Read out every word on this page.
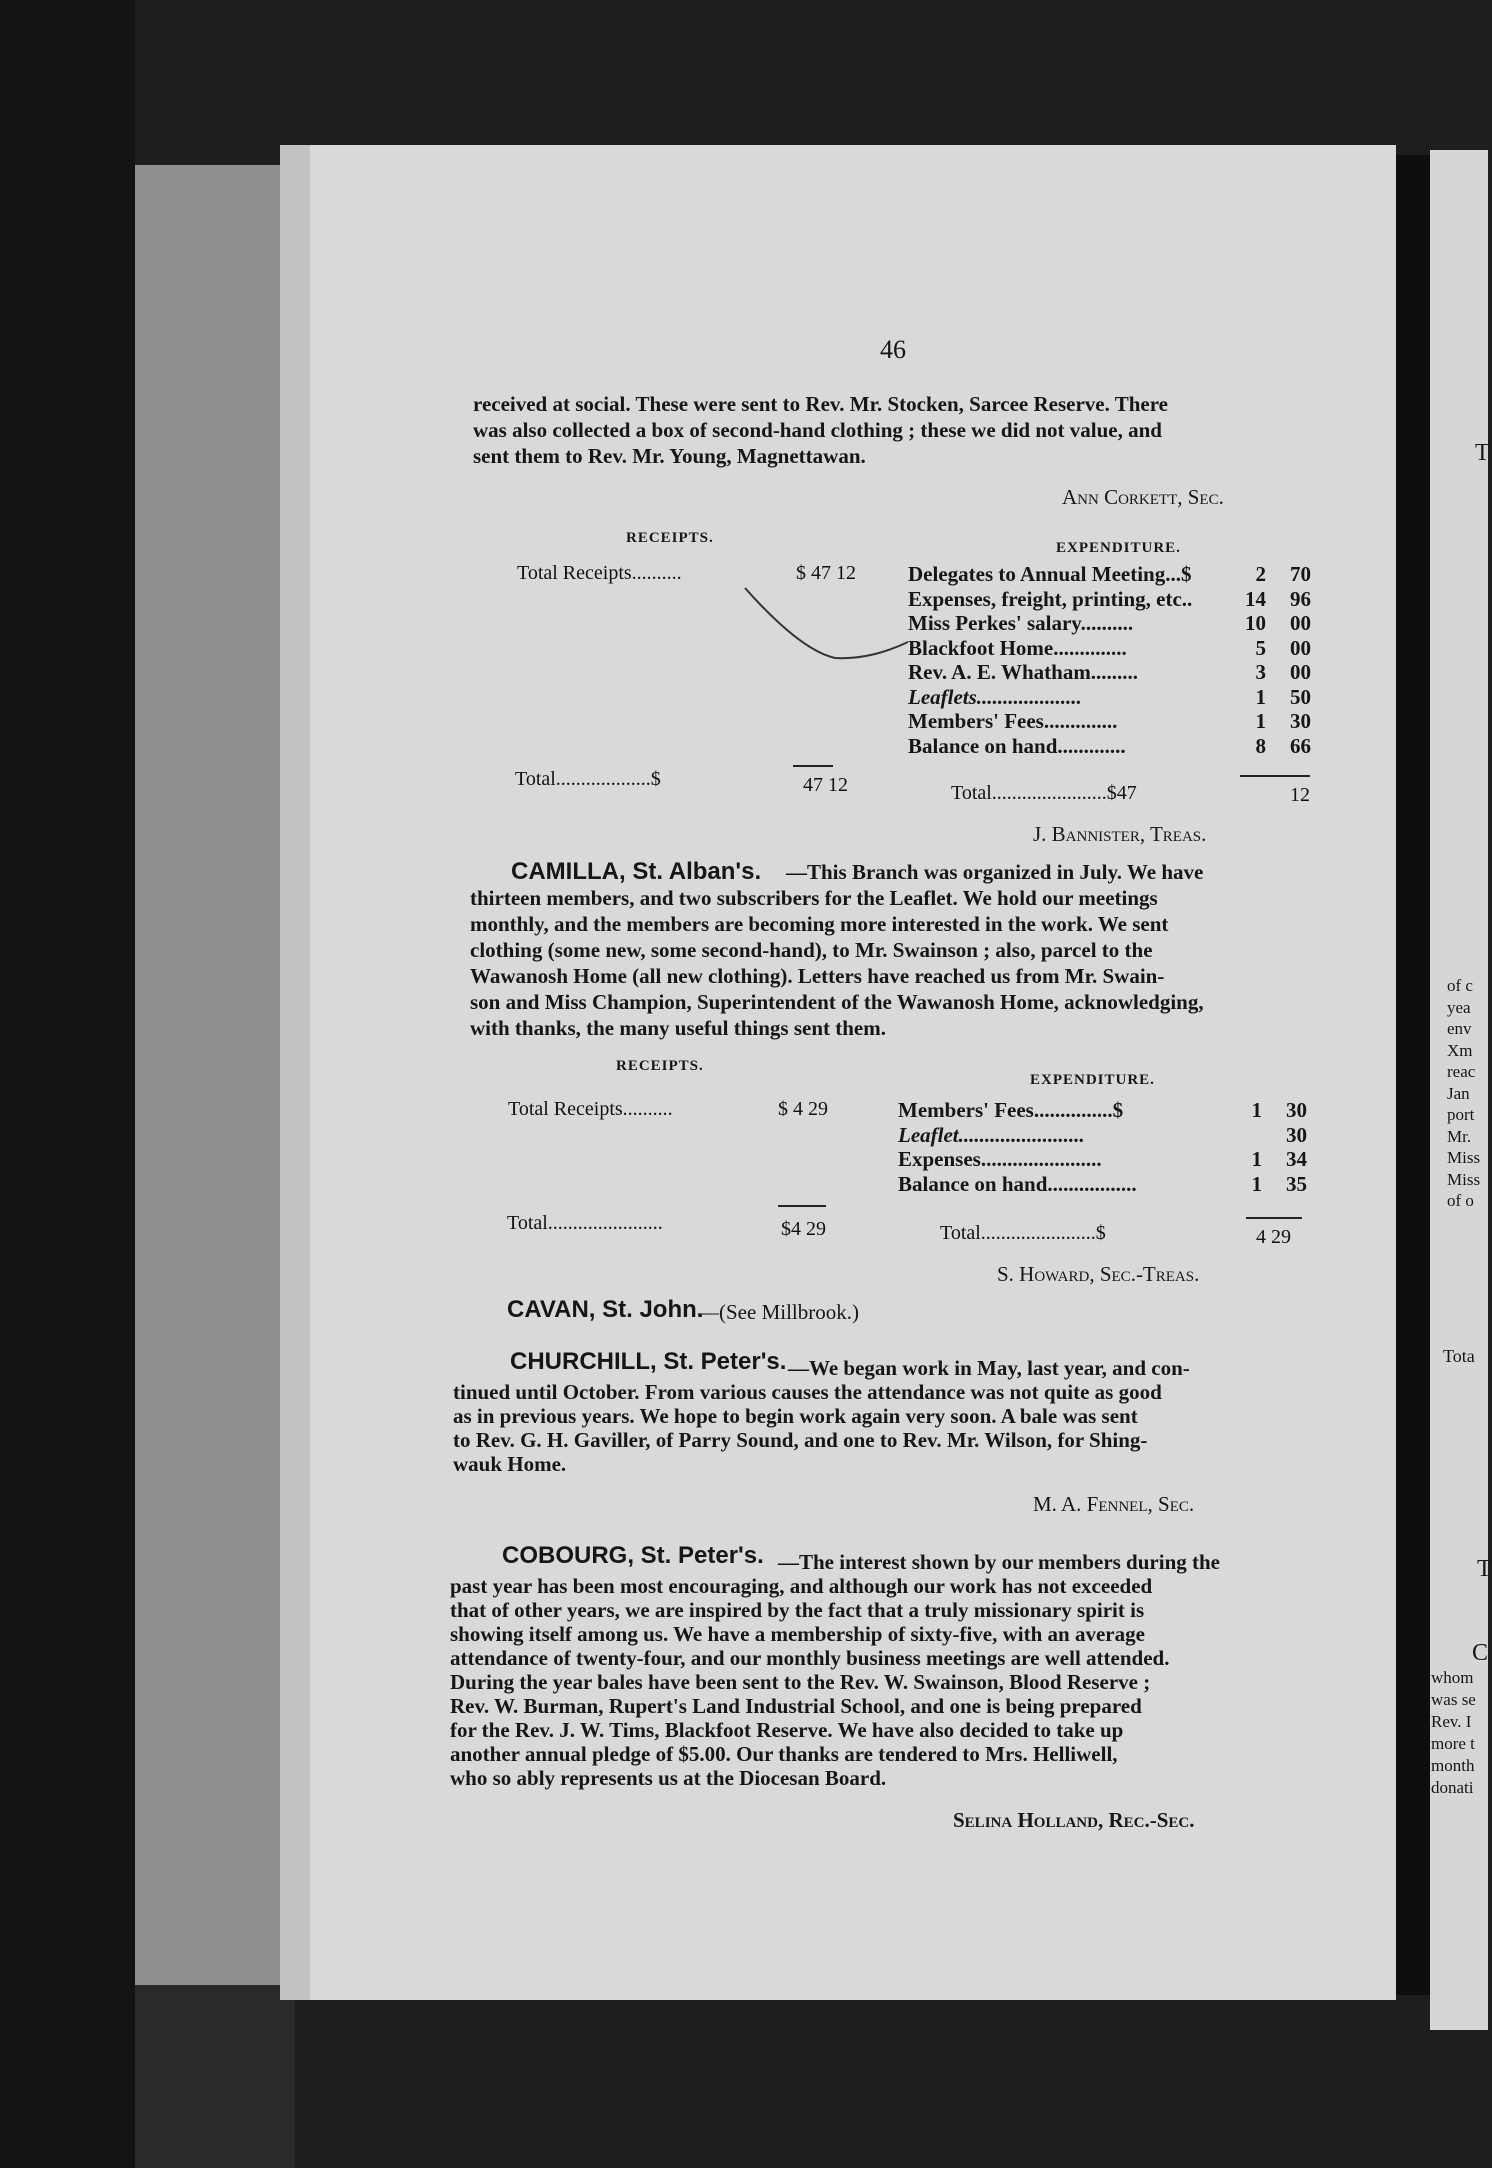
46
received at social. These were sent to Rev. Mr. Stocken, Sarcee Reserve. There
was also collected a box of second-hand clothing ; these we did not value, and
sent them to Rev. Mr. Young, Magnettawan.
Ann Corkett, Sec.
RECEIPTS.
EXPENDITURE.
Total Receipts..........	$ 47 12 Delegates to Annual Meeting...$	2 70
Expenses, freight, printing, etc..	14 96
Miss Perkes' salary..........	10 00
Blackfoot Home..............	5 00
Rev. A. E. Whatham.........	3 00
Leaflets....................	1 50
Members' Fees..............	1 30
Balance on hand.............	8 66
Total...................$	47 12	Total.......................$47	12
J. Bannister, Treas.
CAMILLA, St. Alban's. —This Branch was organized in July. We have
thirteen members, and two subscribers for the Leaflet. We hold our meetings
monthly, and the members are becoming more interested in the work. We sent
clothing (some new, some second-hand), to Mr. Swainson ; also, parcel to the
Wawanosh Home (all new clothing). Letters have reached us from Mr. Swain-
son and Miss Champion, Superintendent of the Wawanosh Home, acknowledging,
with thanks, the many useful things sent them.
RECEIPTS.
EXPENDITURE.
Total Receipts..........	$ 4 29	Members' Fees...............$	1 30
Leaflet........................	30
Expenses.......................	1 34
Balance on hand.................	1 35
Total.......................	$4 29	Total.......................$	4 29
S. Howard, Sec.-Treas.
CAVAN, St. John.
—(See Millbrook.)
CHURCHILL, St. Peter's. —We began work in May, last year, and con-
tinued until October. From various causes the attendance was not quite as good
as in previous years. We hope to begin work again very soon. A bale was sent
to Rev. G. H. Gaviller, of Parry Sound, and one to Rev. Mr. Wilson, for Shing-
wauk Home.
M. A. Fennel, Sec.
COBOURG, St. Peter's. —The interest shown by our members during the
past year has been most encouraging, and although our work has not exceeded
that of other years, we are inspired by the fact that a truly missionary spirit is
showing itself among us. We have a membership of sixty-five, with an average
attendance of twenty-four, and our monthly business meetings are well attended.
During the year bales have been sent to the Rev. W. Swainson, Blood Reserve ;
Rev. W. Burman, Rupert's Land Industrial School, and one is being prepared
for the Rev. J. W. Tims, Blackfoot Reserve. We have also decided to take up
another annual pledge of $5.00. Our thanks are tendered to Mrs. Helliwell,
who so ably represents us at the Diocesan Board.
Selina Holland, Rec.-Sec.
T
of c
yea
env
Xm
reac
Jan
port
Mr.
Miss
Miss
of o
Tota
T
C
whom
was se
Rev. I
more t
month
donati
